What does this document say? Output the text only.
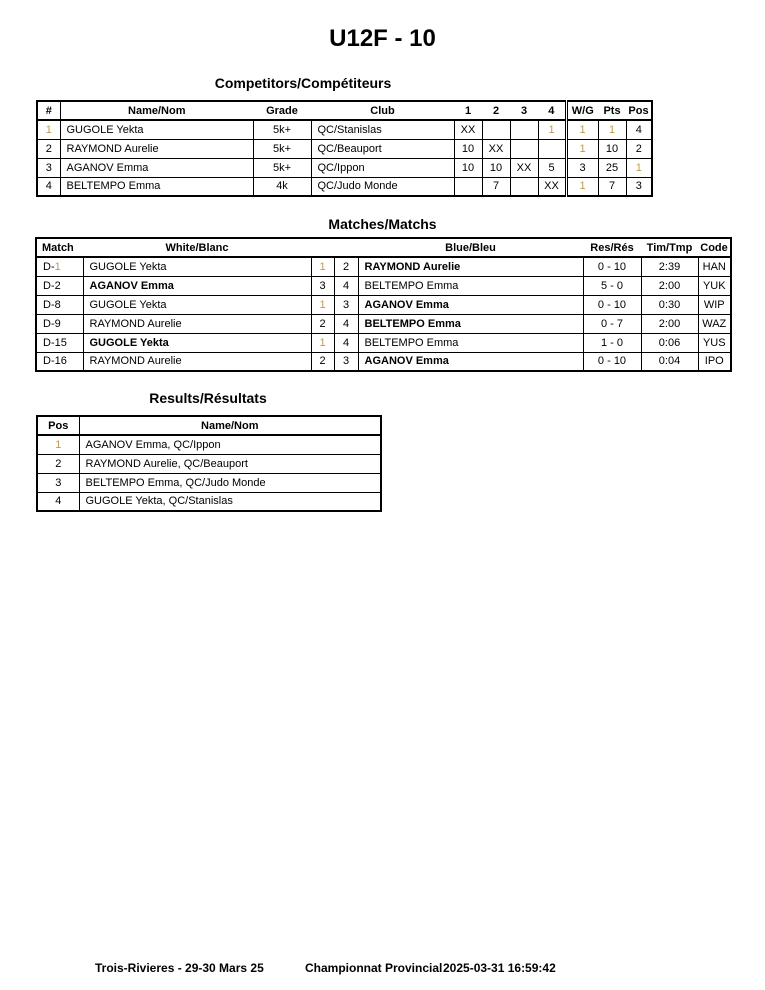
U12F - 10
Competitors/Compétiteurs
#	Name/Nom	Grade	Club	1	2	3	4	W/G	Pts	Pos
1	GUGOLE Yekta	5k+	QC/Stanislas	XX			1	1	1	4
2	RAYMOND Aurelie	5k+	QC/Beauport	10	XX			1	10	2
3	AGANOV Emma	5k+	QC/Ippon	10	10	XX	5	3	25	1
4	BELTEMPO Emma	4k	QC/Judo Monde		7		XX	1	7	3
Matches/Matchs
Match	White/Blanc			Blue/Bleu	Res/Rés	Tim/Tmp	Code
D-1	GUGOLE Yekta	1	2	RAYMOND Aurelie	0 - 10	2:39	HAN
D-2	AGANOV Emma	3	4	BELTEMPO Emma	5 - 0	2:00	YUK
D-8	GUGOLE Yekta	1	3	AGANOV Emma	0 - 10	0:30	WIP
D-9	RAYMOND Aurelie	2	4	BELTEMPO Emma	0 - 7	2:00	WAZ
D-15	GUGOLE Yekta	1	4	BELTEMPO Emma	1 - 0	0:06	YUS
D-16	RAYMOND Aurelie	2	3	AGANOV Emma	0 - 10	0:04	IPO
Results/Résultats
Pos	Name/Nom
1	AGANOV Emma, QC/Ippon
2	RAYMOND Aurelie, QC/Beauport
3	BELTEMPO Emma, QC/Judo Monde
4	GUGOLE Yekta, QC/Stanislas
Trois-Rivieres - 29-30 Mars 25	Championnat Provincial 2025-03-31 16:59:42
